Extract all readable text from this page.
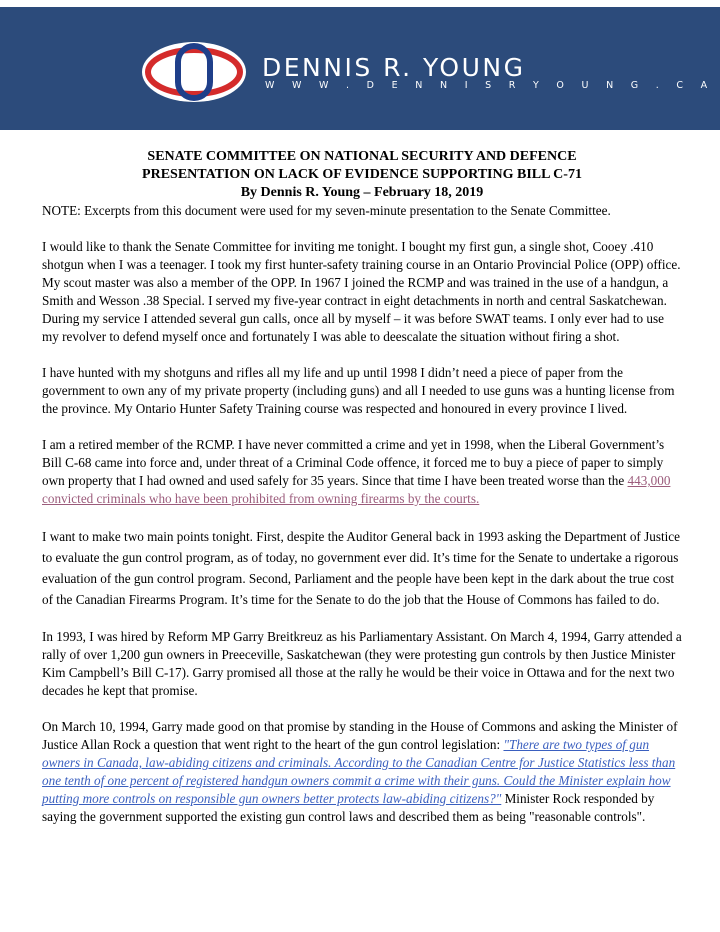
DENNIS R. YOUNG
W W W . D E N N I S R Y O U N G . C A
SENATE COMMITTEE ON NATIONAL SECURITY AND DEFENCE
PRESENTATION ON LACK OF EVIDENCE SUPPORTING BILL C-71
By Dennis R. Young – February 18, 2019
NOTE: Excerpts from this document were used for my seven-minute presentation to the Senate Committee.

I would like to thank the Senate Committee for inviting me tonight. I bought my first gun, a single shot, Cooey .410 shotgun when I was a teenager. I took my first hunter-safety training course in an Ontario Provincial Police (OPP) office. My scout master was also a member of the OPP. In 1967 I joined the RCMP and was trained in the use of a handgun, a Smith and Wesson .38 Special. I served my five-year contract in eight detachments in north and central Saskatchewan. During my service I attended several gun calls, once all by myself – it was before SWAT teams. I only ever had to use my revolver to defend myself once and fortunately I was able to deescalate the situation without firing a shot.

I have hunted with my shotguns and rifles all my life and up until 1998 I didn’t need a piece of paper from the government to own any of my private property (including guns) and all I needed to use guns was a hunting license from the province. My Ontario Hunter Safety Training course was respected and honoured in every province I lived.

I am a retired member of the RCMP. I have never committed a crime and yet in 1998, when the Liberal Government’s Bill C-68 came into force and, under threat of a Criminal Code offence, it forced me to buy a piece of paper to simply own property that I had owned and used safely for 35 years. Since that time I have been treated worse than the 443,000 convicted criminals who have been prohibited from owning firearms by the courts.

I want to make two main points tonight. First, despite the Auditor General back in 1993 asking the Department of Justice to evaluate the gun control program, as of today, no government ever did. It’s time for the Senate to undertake a rigorous evaluation of the gun control program. Second, Parliament and the people have been kept in the dark about the true cost of the Canadian Firearms Program. It’s time for the Senate to do the job that the House of Commons has failed to do.

In 1993, I was hired by Reform MP Garry Breitkreuz as his Parliamentary Assistant. On March 4, 1994, Garry attended a rally of over 1,200 gun owners in Preeceville, Saskatchewan (they were protesting gun controls by then Justice Minister Kim Campbell’s Bill C-17). Garry promised all those at the rally he would be their voice in Ottawa and for the next two decades he kept that promise.

On March 10, 1994, Garry made good on that promise by standing in the House of Commons and asking the Minister of Justice Allan Rock a question that went right to the heart of the gun control legislation: "There are two types of gun owners in Canada, law-abiding citizens and criminals. According to the Canadian Centre for Justice Statistics less than one tenth of one percent of registered handgun owners commit a crime with their guns. Could the Minister explain how putting more controls on responsible gun owners better protects law-abiding citizens?" Minister Rock responded by saying the government supported the existing gun control laws and described them as being "reasonable controls".
